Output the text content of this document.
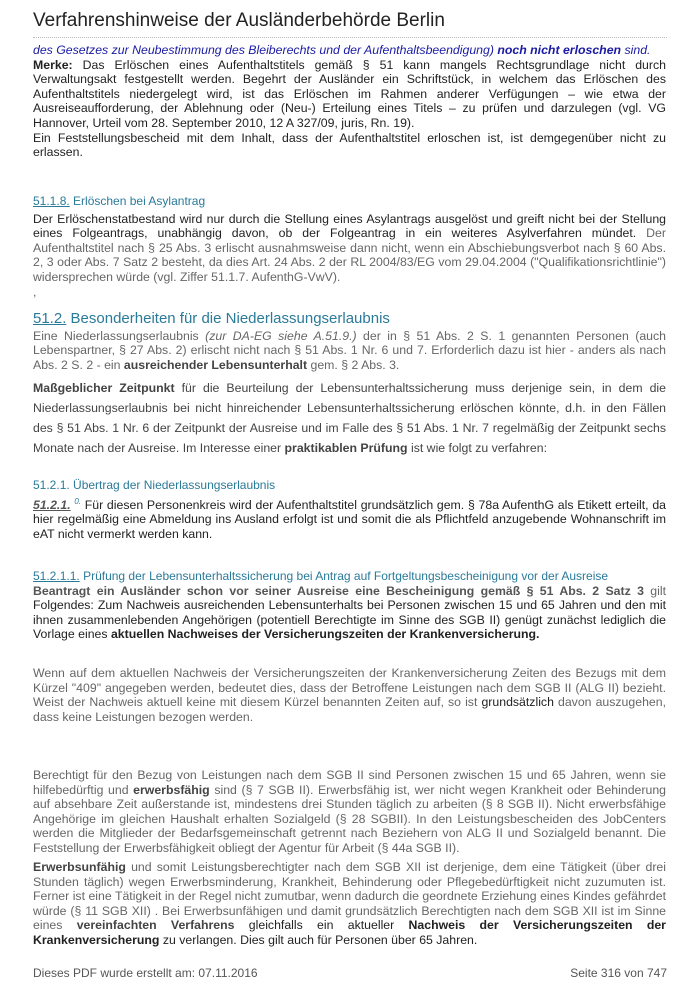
Verfahrenshinweise der Ausländerbehörde Berlin

des Gesetzes zur Neubestimmung des Bleiberechts und der Aufenthaltsbeendigung) noch nicht erloschen sind.

Merke: Das Erlöschen eines Aufenthaltstitels gemäß § 51 kann mangels Rechtsgrundlage nicht durch Verwaltungsakt festgestellt werden. Begehrt der Ausländer ein Schriftstück, in welchem das Erlöschen des Aufenthaltstitels niedergelegt wird, ist das Erlöschen im Rahmen anderer Verfügungen – wie etwa der Ausreiseaufforderung, der Ablehnung oder (Neu-) Erteilung eines Titels – zu prüfen und darzulegen (vgl. VG Hannover, Urteil vom 28. September 2010, 12 A 327/09, juris, Rn. 19).

Ein Feststellungsbescheid mit dem Inhalt, dass der Aufenthaltstitel erloschen ist, ist demgegenüber nicht zu erlassen.

51.1.8. Erlöschen bei Asylantrag

Der Erlöschenstatbestand wird nur durch die Stellung eines Asylantrags ausgelöst und greift nicht bei der Stellung eines Folgeantrags, unabhängig davon, ob der Folgeantrag in ein weiteres Asylverfahren mündet. Der Aufenthaltstitel nach § 25 Abs. 3 erlischt ausnahmsweise dann nicht, wenn ein Abschiebungsverbot nach § 60 Abs. 2, 3 oder Abs. 7 Satz 2 besteht, da dies Art. 24 Abs. 2 der RL 2004/83/EG vom 29.04.2004 ("Qualifikationsrichtlinie") widersprechen würde (vgl. Ziffer 51.1.7. AufenthG-VwV).

,

51.2. Besonderheiten für die Niederlassungserlaubnis

Eine Niederlassungserlaubnis (zur DA-EG siehe A.51.9.) der in § 51 Abs. 2 S. 1 genannten Personen (auch Lebenspartner, § 27 Abs. 2) erlischt nicht nach § 51 Abs. 1 Nr. 6 und 7. Erforderlich dazu ist hier - anders als nach Abs. 2 S. 2 - ein ausreichender Lebensunterhalt gem. § 2 Abs. 3.

Maßgeblicher Zeitpunkt für die Beurteilung der Lebensunterhaltssicherung muss derjenige sein, in dem die Niederlassungserlaubnis bei nicht hinreichender Lebensunterhaltssicherung erlöschen könnte, d.h. in den Fällen des § 51 Abs. 1 Nr. 6 der Zeitpunkt der Ausreise und im Falle des § 51 Abs. 1 Nr. 7 regelmäßig der Zeitpunkt sechs Monate nach der Ausreise. Im Interesse einer praktikablen Prüfung ist wie folgt zu verfahren:

51.2.1. Übertrag der Niederlassungserlaubnis

51.2.1. $^{0.}$ Für diesen Personenkreis wird der Aufenthaltstitel grundsätzlich gem. § 78a AufenthG als Etikett erteilt, da hier regelmäßig eine Abmeldung ins Ausland erfolgt ist und somit die als Pflichtfeld anzugebende Wohnanschrift im eAT nicht vermerkt werden kann.

51.2.1.1. Prüfung der Lebensunterhaltssicherung bei Antrag auf Fortgeltungsbescheinigung vor der Ausreise

Beantragt ein Ausländer schon vor seiner Ausreise eine Bescheinigung gemäß § 51 Abs. 2 Satz 3 gilt Folgendes: Zum Nachweis ausreichenden Lebensunterhalts bei Personen zwischen 15 und 65 Jahren und den mit ihnen zusammenlebenden Angehörigen (potentiell Berechtigte im Sinne des SGB II) genügt zunächst lediglich die Vorlage eines aktuellen Nachweises der Versicherungszeiten der Krankenversicherung.

Wenn auf dem aktuellen Nachweis der Versicherungszeiten der Krankenversicherung Zeiten des Bezugs mit dem Kürzel "409" angegeben werden, bedeutet dies, dass der Betroffene Leistungen nach dem SGB II (ALG II) bezieht. Weist der Nachweis aktuell keine mit diesem Kürzel benannten Zeiten auf, so ist grundsätzlich davon auszugehen, dass keine Leistungen bezogen werden.

Berechtigt für den Bezug von Leistungen nach dem SGB II sind Personen zwischen 15 und 65 Jahren, wenn sie hilfebedürftig und erwerbsfähig sind (§ 7 SGB II). Erwerbsfähig ist, wer nicht wegen Krankheit oder Behinderung auf absehbare Zeit außerstande ist, mindestens drei Stunden täglich zu arbeiten (§ 8 SGB II). Nicht erwerbsfähige Angehörige im gleichen Haushalt erhalten Sozialgeld (§ 28 SGBII). In den Leistungsbescheiden des JobCenters werden die Mitglieder der Bedarfsgemeinschaft getrennt nach Beziehern von ALG II und Sozialgeld benannt. Die Feststellung der Erwerbsfähigkeit obliegt der Agentur für Arbeit (§ 44a SGB II).

Erwerbsunfähig und somit Leistungsberechtigter nach dem SGB XII ist derjenige, dem eine Tätigkeit (über drei Stunden täglich) wegen Erwerbsminderung, Krankheit, Behinderung oder Pflegebedürftigkeit nicht zuzumuten ist. Ferner ist eine Tätigkeit in der Regel nicht zumutbar, wenn dadurch die geordnete Erziehung eines Kindes gefährdet würde (§ 11 SGB XII) . Bei Erwerbsunfähigen und damit grundsätzlich Berechtigten nach dem SGB XII ist im Sinne eines vereinfachten Verfahrens gleichfalls ein aktueller Nachweis der Versicherungszeiten der Krankenversicherung zu verlangen. Dies gilt auch für Personen über 65 Jahren.

Dieses PDF wurde erstellt am: 07.11.2016	Seite 316 von 747
